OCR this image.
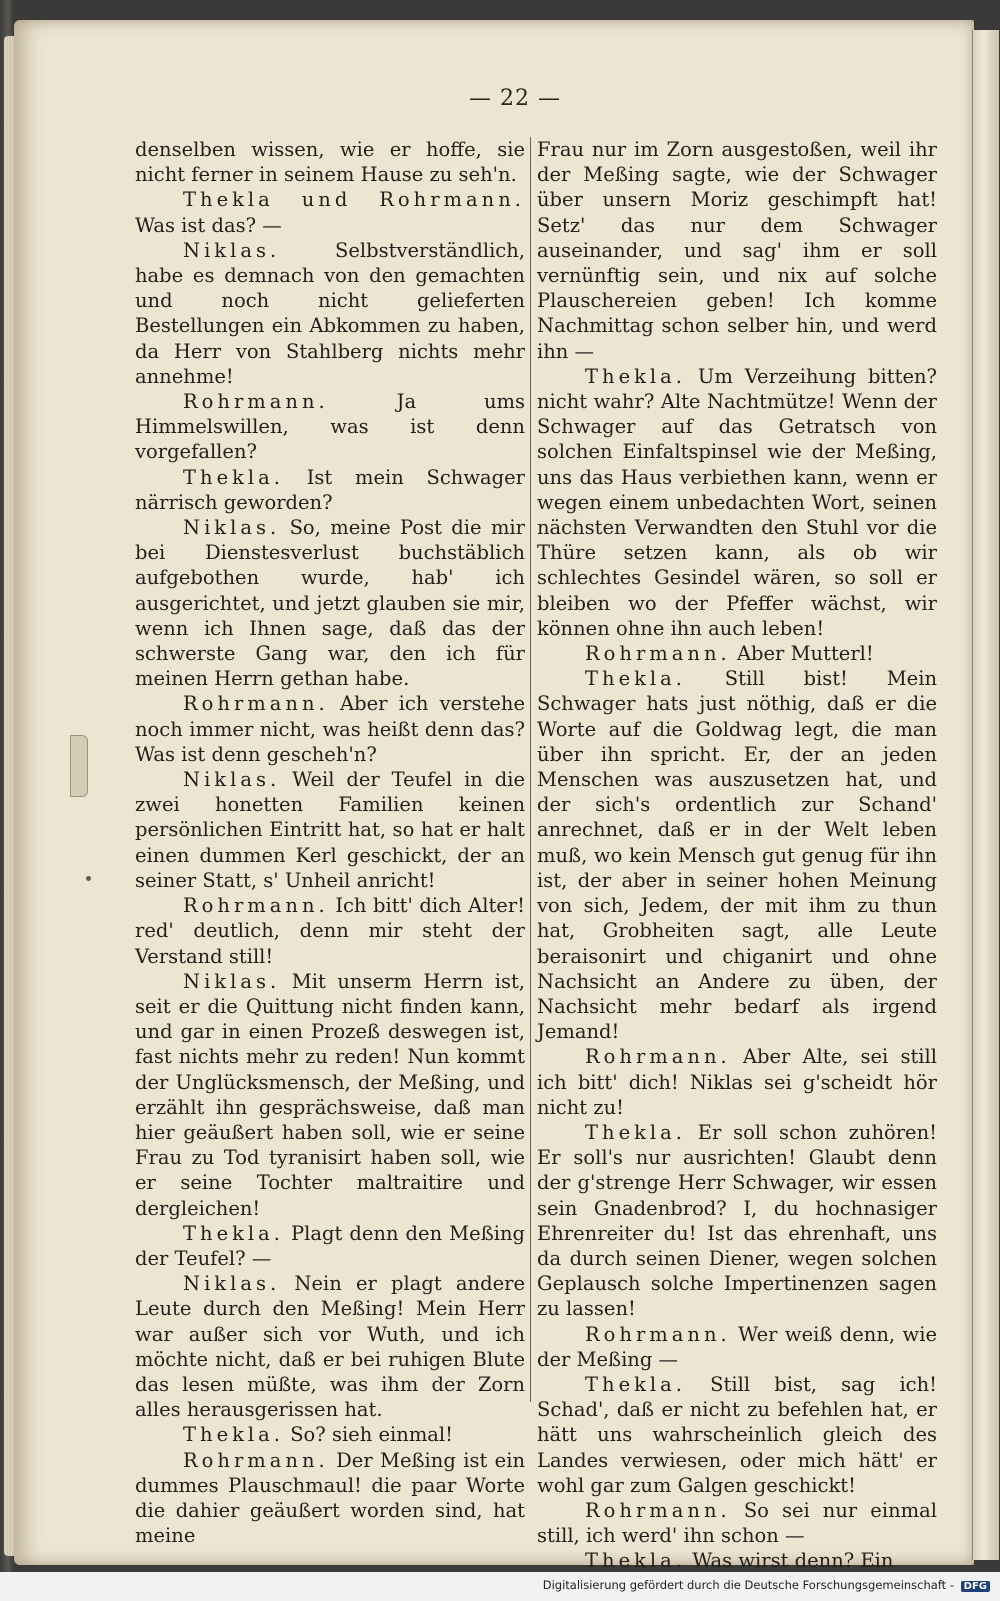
— 22 —

denselben wissen, wie er hoffe, sie nicht ferner in seinem Hause zu seh'n.

Thekla und Rohrmann. Was ist das? —

Niklas.	Selbstverständlich, habe es demnach von den gemachten und noch nicht gelieferten Bestellungen ein Abkommen zu haben, da Herr von Stahlberg nichts mehr annehme!

Rohrmann.	Ja ums Himmelswillen, was ist denn vorgefallen?

Thekla. Ist mein Schwager närrisch geworden?

Niklas. So, meine Post die mir bei Dienstesverlust buchstäblich aufgebothen wurde, hab' ich ausgerichtet, und jetzt glauben sie mir, wenn ich Ihnen sage, daß das der schwerste Gang war, den ich für meinen Herrn gethan habe.

Rohrmann. Aber ich verstehe noch immer nicht, was heißt denn das? Was ist denn gescheh'n?

Niklas. Weil der Teufel in die zwei honetten Familien keinen persönlichen Eintritt hat, so hat er halt einen dummen Kerl geschickt, der an seiner Statt, s' Unheil anricht!

Rohrmann. Ich bitt' dich Alter! red' deutlich, denn mir steht der Verstand still!

Niklas. Mit unserm Herrn ist, seit er die Quittung nicht finden kann, und gar in einen Prozeß deswegen ist, fast nichts mehr zu reden! Nun kommt der Unglücksmensch, der Meßing, und erzählt ihn gesprächsweise, daß man hier geäußert haben soll, wie er seine Frau zu Tod tyranisirt haben soll, wie er seine Tochter maltraitire und dergleichen!

Thekla. Plagt denn den Meßing der Teufel? —

Niklas. Nein er plagt andere Leute durch den Meßing! Mein Herr war außer sich vor Wuth, und ich möchte nicht, daß er bei ruhigen Blute das lesen müßte, was ihm der Zorn alles herausgerissen hat.

Thekla. So? sieh einmal!

Rohrmann. Der Meßing ist ein dummes Plauschmaul! die paar Worte die dahier geäußert worden sind, hat meine

Frau nur im Zorn ausgestoßen, weil ihr der Meßing sagte, wie der Schwager über unsern Moriz geschimpft hat! Setz' das nur dem Schwager auseinander, und sag' ihm er soll vernünftig sein, und nix auf solche Plauschereien geben! Ich komme Nachmittag schon selber hin, und werd ihn —

Thekla. Um Verzeihung bitten? nicht wahr? Alte Nachtmütze! Wenn der Schwager auf das Getratsch von solchen Einfaltspinsel wie der Meßing, uns das Haus verbiethen kann, wenn er wegen einem unbedachten Wort, seinen nächsten Verwandten den Stuhl vor die Thüre setzen kann, als ob wir schlechtes Gesindel wären, so soll er bleiben wo der Pfeffer wächst, wir können ohne ihn auch leben!

Rohrmann. Aber Mutterl!

Thekla. Still bist! Mein Schwager hats just nöthig, daß er die Worte auf die Goldwag legt, die man über ihn spricht. Er, der an jeden Menschen was auszusetzen hat, und der sich's ordentlich zur Schand' anrechnet, daß er in der Welt leben muß, wo kein Mensch gut genug für ihn ist, der aber in seiner hohen Meinung von sich, Jedem, der mit ihm zu thun hat, Grobheiten sagt, alle Leute beraisonirt und chiganirt und ohne Nachsicht an Andere zu üben, der Nachsicht mehr bedarf als irgend Jemand!

Rohrmann. Aber Alte, sei still ich bitt' dich! Niklas sei g'scheidt hör nicht zu!

Thekla. Er soll schon zuhören! Er soll's nur ausrichten! Glaubt denn der g'strenge Herr Schwager, wir essen sein Gnadenbrod? I, du hochnasiger Ehrenreiter du! Ist das ehrenhaft, uns da durch seinen Diener, wegen solchen Geplausch solche Impertinenzen sagen zu lassen!

Rohrmann. Wer weiß denn, wie der Meßing —

Thekla. Still bist, sag ich! Schad', daß er nicht zu befehlen hat, er hätt uns wahrscheinlich gleich des Landes verwiesen, oder mich hätt' er wohl gar zum Galgen geschickt!

Rohrmann. So sei nur einmal still, ich werd' ihn schon —

Thekla. Was wirst denn? Ein

Digitalisierung gefördert durch die Deutsche Forschungsgemeinschaft - DFG
